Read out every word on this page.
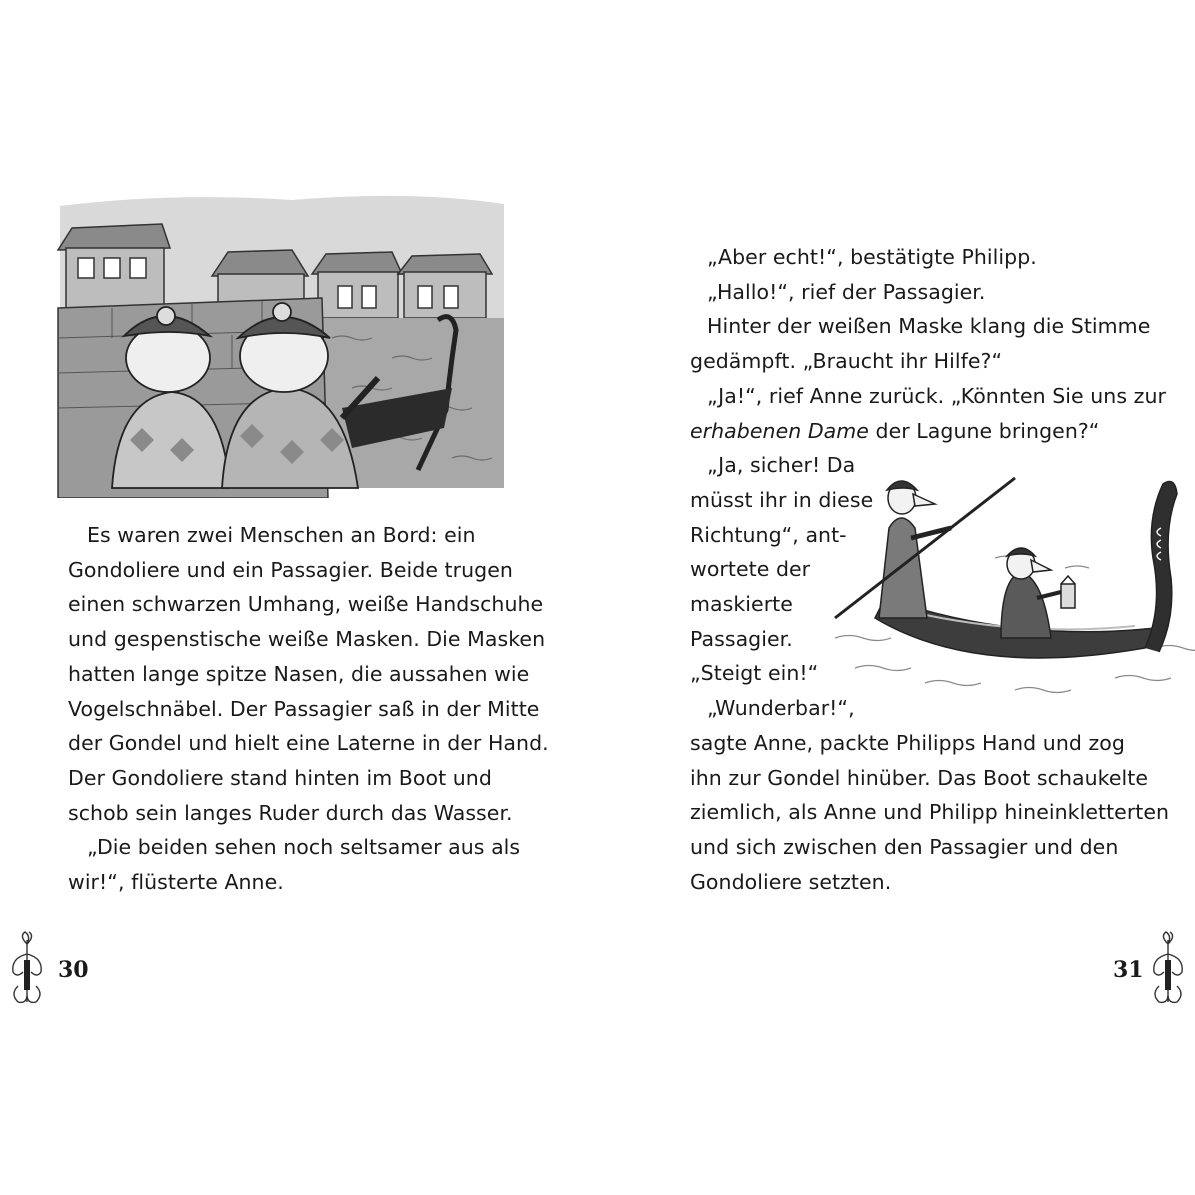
Es waren zwei Menschen an Bord: ein
Gondoliere und ein Passagier. Beide trugen
einen schwarzen Umhang, weiße Handschuhe
und gespenstische weiße Masken. Die Masken
hatten lange spitze Nasen, die aussahen wie
Vogelschnäbel. Der Passagier saß in der Mitte
der Gondel und hielt eine Laterne in der Hand.
Der Gondoliere stand hinten im Boot und
schob sein langes Ruder durch das Wasser.
„Die beiden sehen noch seltsamer aus als
wir!“, flüsterte Anne.
30
„Aber echt!“, bestätigte Philipp.
„Hallo!“, rief der Passagier.
Hinter der weißen Maske klang die Stimme
gedämpft. „Braucht ihr Hilfe?“
„Ja!“, rief Anne zurück. „Könnten Sie uns zur
erhabenen Dame der Lagune bringen?“
„Ja, sicher! Da
müsst ihr in diese
Richtung“, ant-
wortete der
maskierte
Passagier.
„Steigt ein!“
„Wunderbar!“,
sagte Anne, packte Philipps Hand und zog
ihn zur Gondel hinüber. Das Boot schaukelte
ziemlich, als Anne und Philipp hineinkletterten
und sich zwischen den Passagier und den
Gondoliere setzten.
31
